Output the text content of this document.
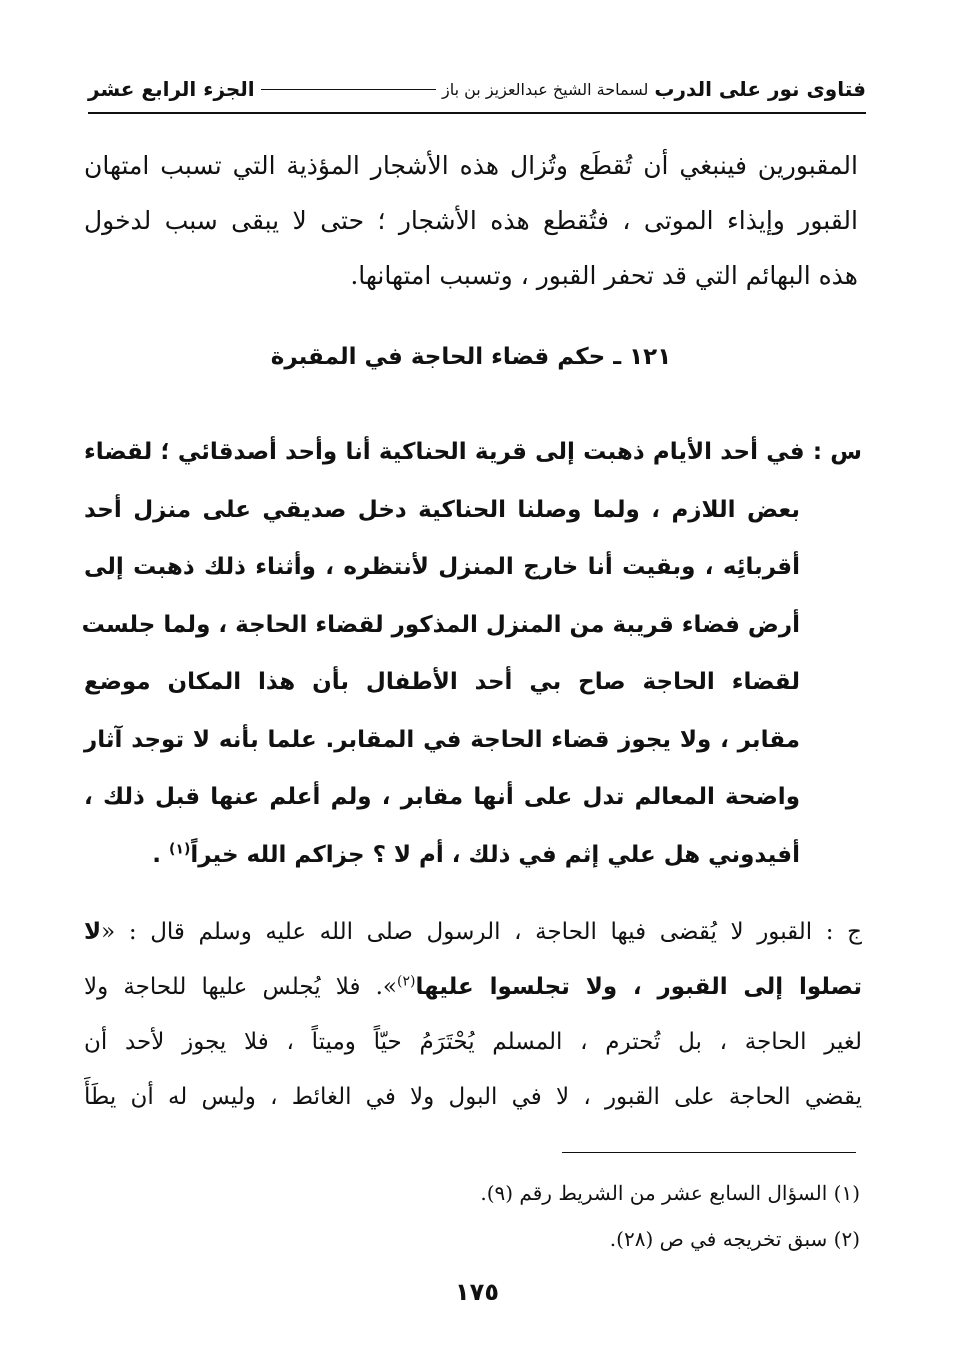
فتاوى نور على الدرب
لسماحة الشيخ عبدالعزيز بن باز
الجزء الرابع عشر
المقبورين فينبغي أن تُقطَع وتُزال هذه الأشجار المؤذية التي تسبب امتهان
القبور وإيذاء الموتى ، فتُقطع هذه الأشجار ؛ حتى لا يبقى سبب لدخول
هذه البهائم التي قد تحفر القبور ، وتسبب امتهانها.
١٢١ ـ حكم قضاء الحاجة في المقبرة
س : في أحد الأيام ذهبت إلى قرية الحناكية أنا وأحد أصدقائي ؛ لقضاء
بعض اللازم ، ولما وصلنا الحناكية دخل صديقي على منزل أحد
أقربائِه ، وبقيت أنا خارج المنزل لأنتظره ، وأثناء ذلك ذهبت إلى
أرض فضاء قريبة من المنزل المذكور لقضاء الحاجة ، ولما جلست
لقضاء الحاجة صاح بي أحد الأطفال بأن هذا المكان موضع
مقابر ، ولا يجوز قضاء الحاجة في المقابر. علما بأنه لا توجد آثار
واضحة المعالم تدل على أنها مقابر ، ولم أعلم عنها قبل ذلك ،
أفيدوني هل علي إثم في ذلك ، أم لا ؟ جزاكم الله خيراً$^{(١)}$ .
ج : القبور لا يُقضى فيها الحاجة ، الرسول صلى الله عليه وسلم قال : «لا
تصلوا إلى القبور ، ولا تجلسوا عليها$^{(٢)}$». فلا يُجلس عليها للحاجة ولا
لغير الحاجة ، بل تُحترم ، المسلم يُحْتَرَمُ حيّاً وميتاً ، فلا يجوز لأحد أن
يقضي الحاجة على القبور ، لا في البول ولا في الغائط ، وليس له أن يطَأَ
(١) السؤال السابع عشر من الشريط رقم (٩).
(٢) سبق تخريجه في ص (٢٨).
١٧٥
